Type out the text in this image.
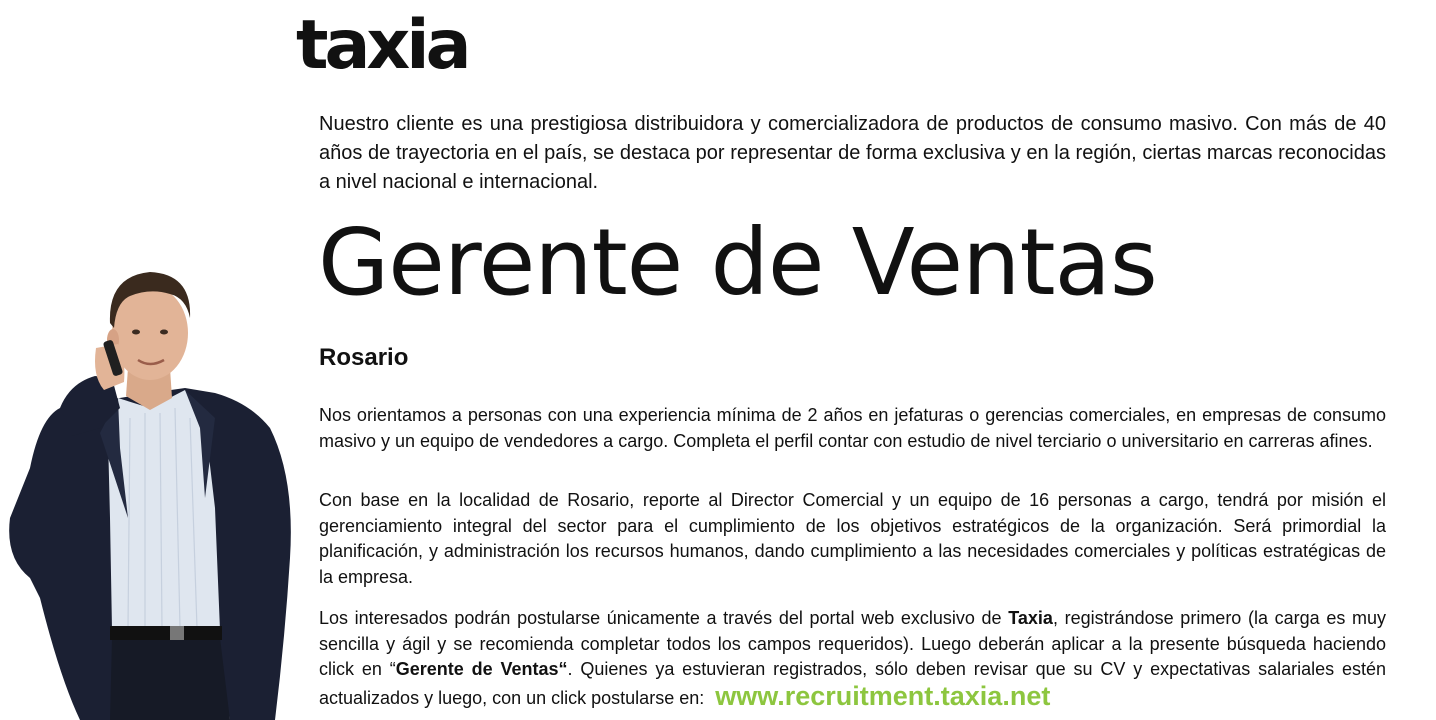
taxia

Nuestro cliente es una prestigiosa distribuidora y comercializadora de productos de consumo masivo. Con más de 40 años de trayectoria en el país, se destaca por representar de forma exclusiva y en la región, ciertas marcas reconocidas a nivel nacional e internacional.

Gerente de Ventas
Rosario

Nos orientamos a personas con una experiencia mínima de 2 años en jefaturas o gerencias comerciales, en empresas de consumo masivo y un equipo de vendedores a cargo. Completa el perfil contar con estudio de nivel terciario o universitario en carreras afines.

Con base en la localidad de Rosario, reporte al Director Comercial y un equipo de 16 personas a cargo, tendrá por misión el gerenciamiento integral del sector para el cumplimiento de los objetivos estratégicos de la organización. Será primordial la planificación, y administración los recursos humanos, dando cumplimiento a las necesidades comerciales y políticas estratégicas de la empresa.

Los interesados podrán postularse únicamente a través del portal web exclusivo de Taxia, registrándose primero (la carga es muy sencilla y ágil y se recomienda completar todos los campos requeridos). Luego deberán aplicar a la presente búsqueda haciendo click en “Gerente de Ventas“. Quienes ya estuvieran registrados, sólo deben revisar que su CV y expectativas salariales estén actualizados y luego, con un click postularse en: www.recruitment.taxia.net
